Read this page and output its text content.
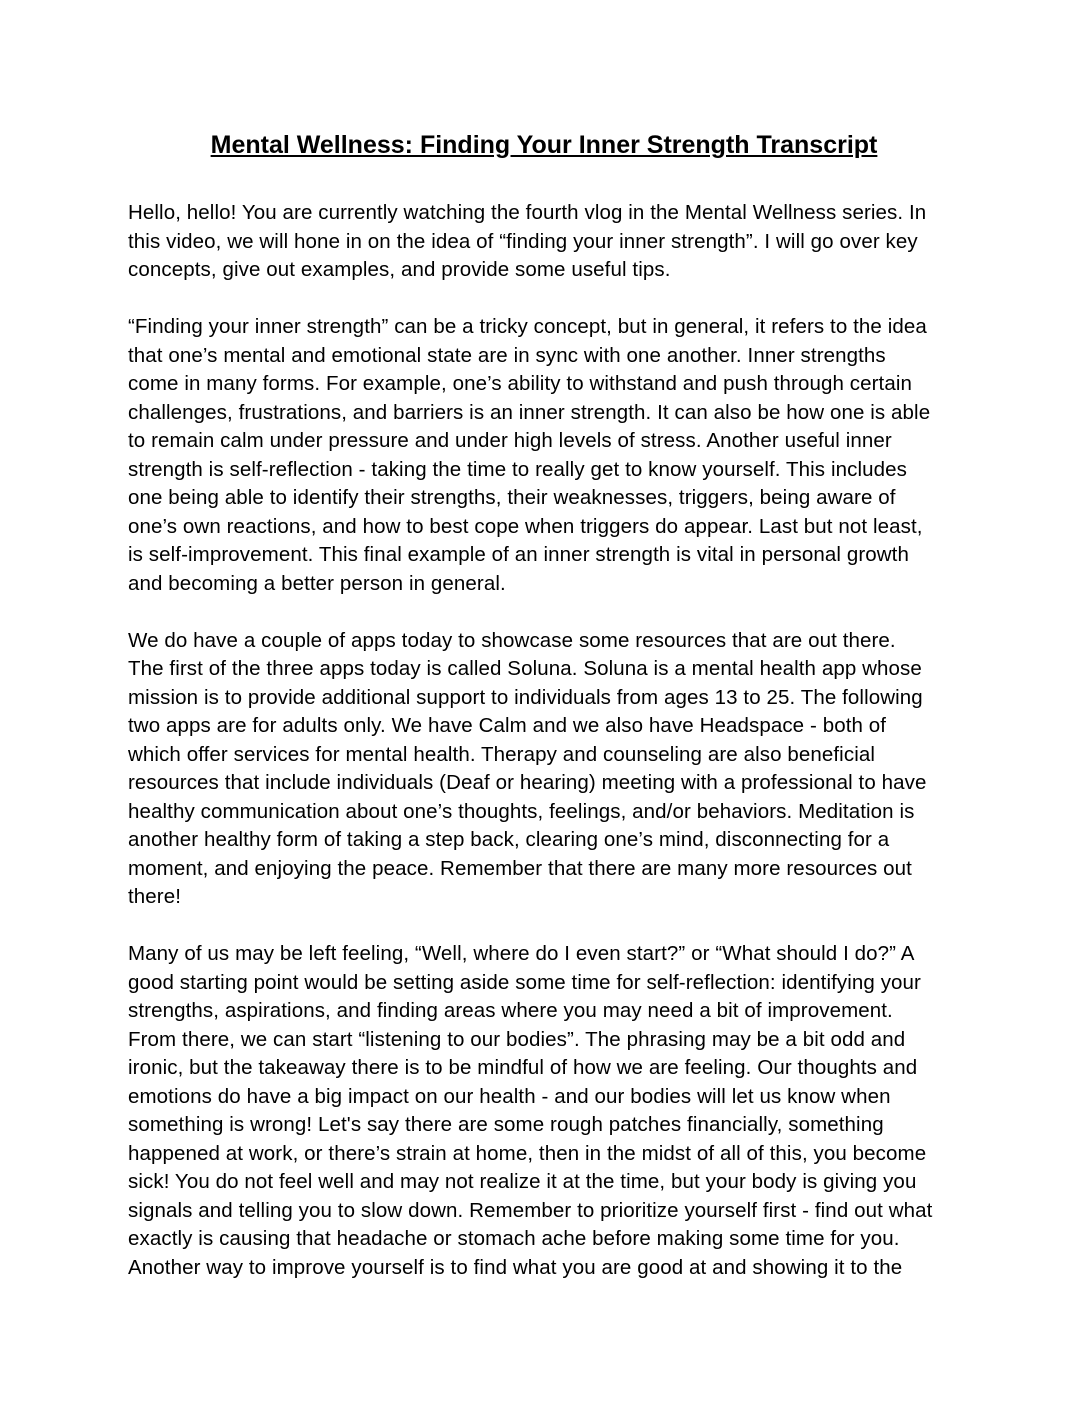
Mental Wellness: Finding Your Inner Strength Transcript
Hello, hello! You are currently watching the fourth vlog in the Mental Wellness series. In
this video, we will hone in on the idea of “finding your inner strength”. I will go over key
concepts, give out examples, and provide some useful tips.
“Finding your inner strength” can be a tricky concept, but in general, it refers to the idea
that one’s mental and emotional state are in sync with one another. Inner strengths
come in many forms. For example, one’s ability to withstand and push through certain
challenges, frustrations, and barriers is an inner strength. It can also be how one is able
to remain calm under pressure and under high levels of stress. Another useful inner
strength is self-reflection - taking the time to really get to know yourself. This includes
one being able to identify their strengths, their weaknesses, triggers, being aware of
one’s own reactions, and how to best cope when triggers do appear. Last but not least,
is self-improvement. This final example of an inner strength is vital in personal growth
and becoming a better person in general.
We do have a couple of apps today to showcase some resources that are out there.
The first of the three apps today is called Soluna. Soluna is a mental health app whose
mission is to provide additional support to individuals from ages 13 to 25. The following
two apps are for adults only. We have Calm and we also have Headspace - both of
which offer services for mental health. Therapy and counseling are also beneficial
resources that include individuals (Deaf or hearing) meeting with a professional to have
healthy communication about one’s thoughts, feelings, and/or behaviors. Meditation is
another healthy form of taking a step back, clearing one’s mind, disconnecting for a
moment, and enjoying the peace. Remember that there are many more resources out
there!
Many of us may be left feeling, “Well, where do I even start?” or “What should I do?” A
good starting point would be setting aside some time for self-reflection: identifying your
strengths, aspirations, and finding areas where you may need a bit of improvement.
From there, we can start “listening to our bodies”. The phrasing may be a bit odd and
ironic, but the takeaway there is to be mindful of how we are feeling. Our thoughts and
emotions do have a big impact on our health - and our bodies will let us know when
something is wrong! Let's say there are some rough patches financially, something
happened at work, or there’s strain at home, then in the midst of all of this, you become
sick! You do not feel well and may not realize it at the time, but your body is giving you
signals and telling you to slow down. Remember to prioritize yourself first - find out what
exactly is causing that headache or stomach ache before making some time for you.
Another way to improve yourself is to find what you are good at and showing it to the
